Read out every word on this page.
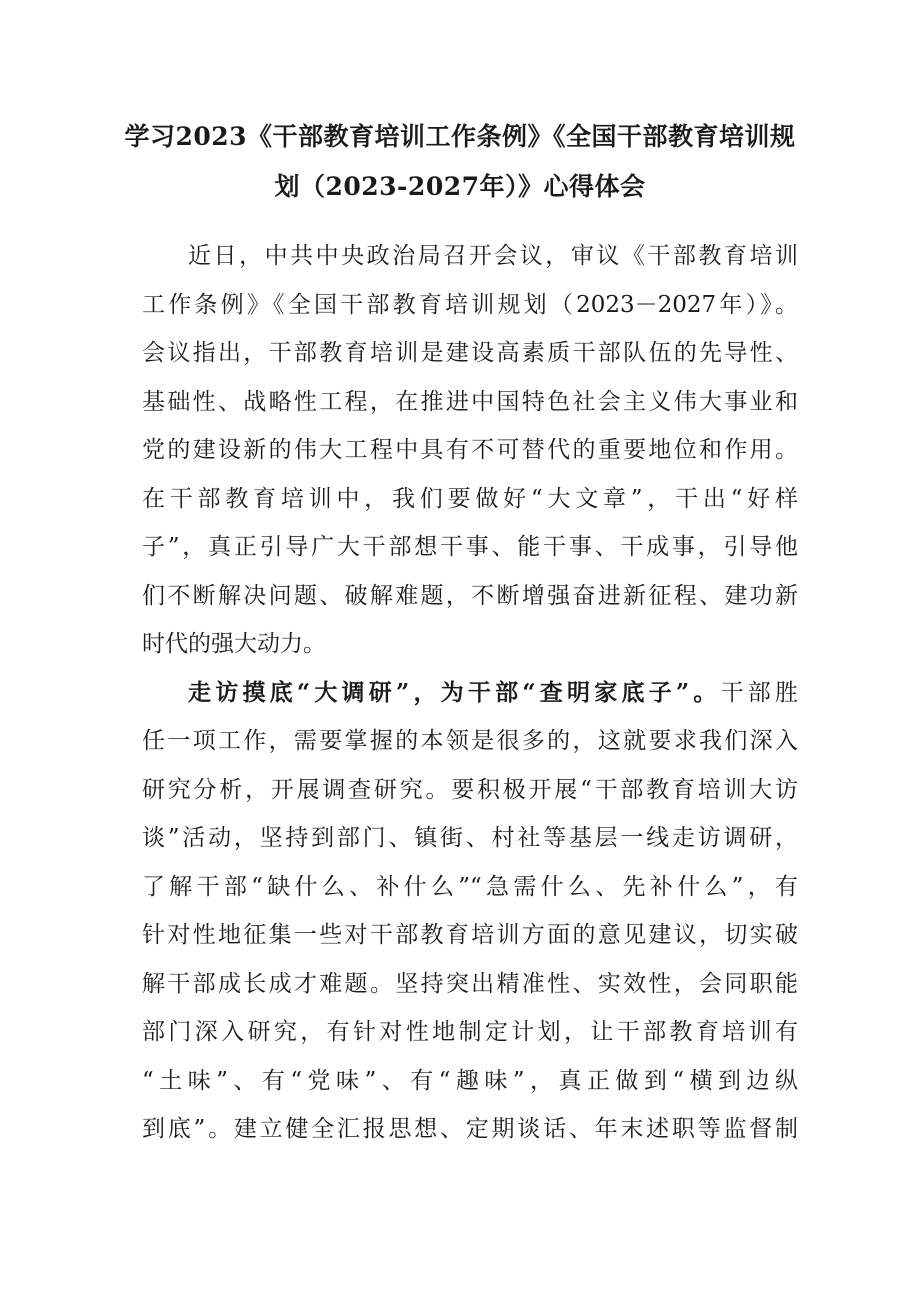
学习2023《干部教育培训工作条例》《全国干部教育培训规
划（2023-2027年）》心得体会

近日，中共中央政治局召开会议，审议《干部教育培训
工作条例》《全国干部教育培训规划（2023－2027年）》。
会议指出，干部教育培训是建设高素质干部队伍的先导性、
基础性、战略性工程，在推进中国特色社会主义伟大事业和
党的建设新的伟大工程中具有不可替代的重要地位和作用。
在干部教育培训中，我们要做好“大文章”，干出“好样
子”，真正引导广大干部想干事、能干事、干成事，引导他
们不断解决问题、破解难题，不断增强奋进新征程、建功新
时代的强大动力。

走访摸底“大调研”，为干部“查明家底子”。干部胜
任一项工作，需要掌握的本领是很多的，这就要求我们深入
研究分析，开展调查研究。要积极开展“干部教育培训大访
谈”活动，坚持到部门、镇街、村社等基层一线走访调研，
了解干部“缺什么、补什么”“急需什么、先补什么”，有
针对性地征集一些对干部教育培训方面的意见建议，切实破
解干部成长成才难题。坚持突出精准性、实效性，会同职能
部门深入研究，有针对性地制定计划，让干部教育培训有
“土味”、有“党味”、有“趣味”，真正做到“横到边纵
到底”。建立健全汇报思想、定期谈话、年末述职等监督制
